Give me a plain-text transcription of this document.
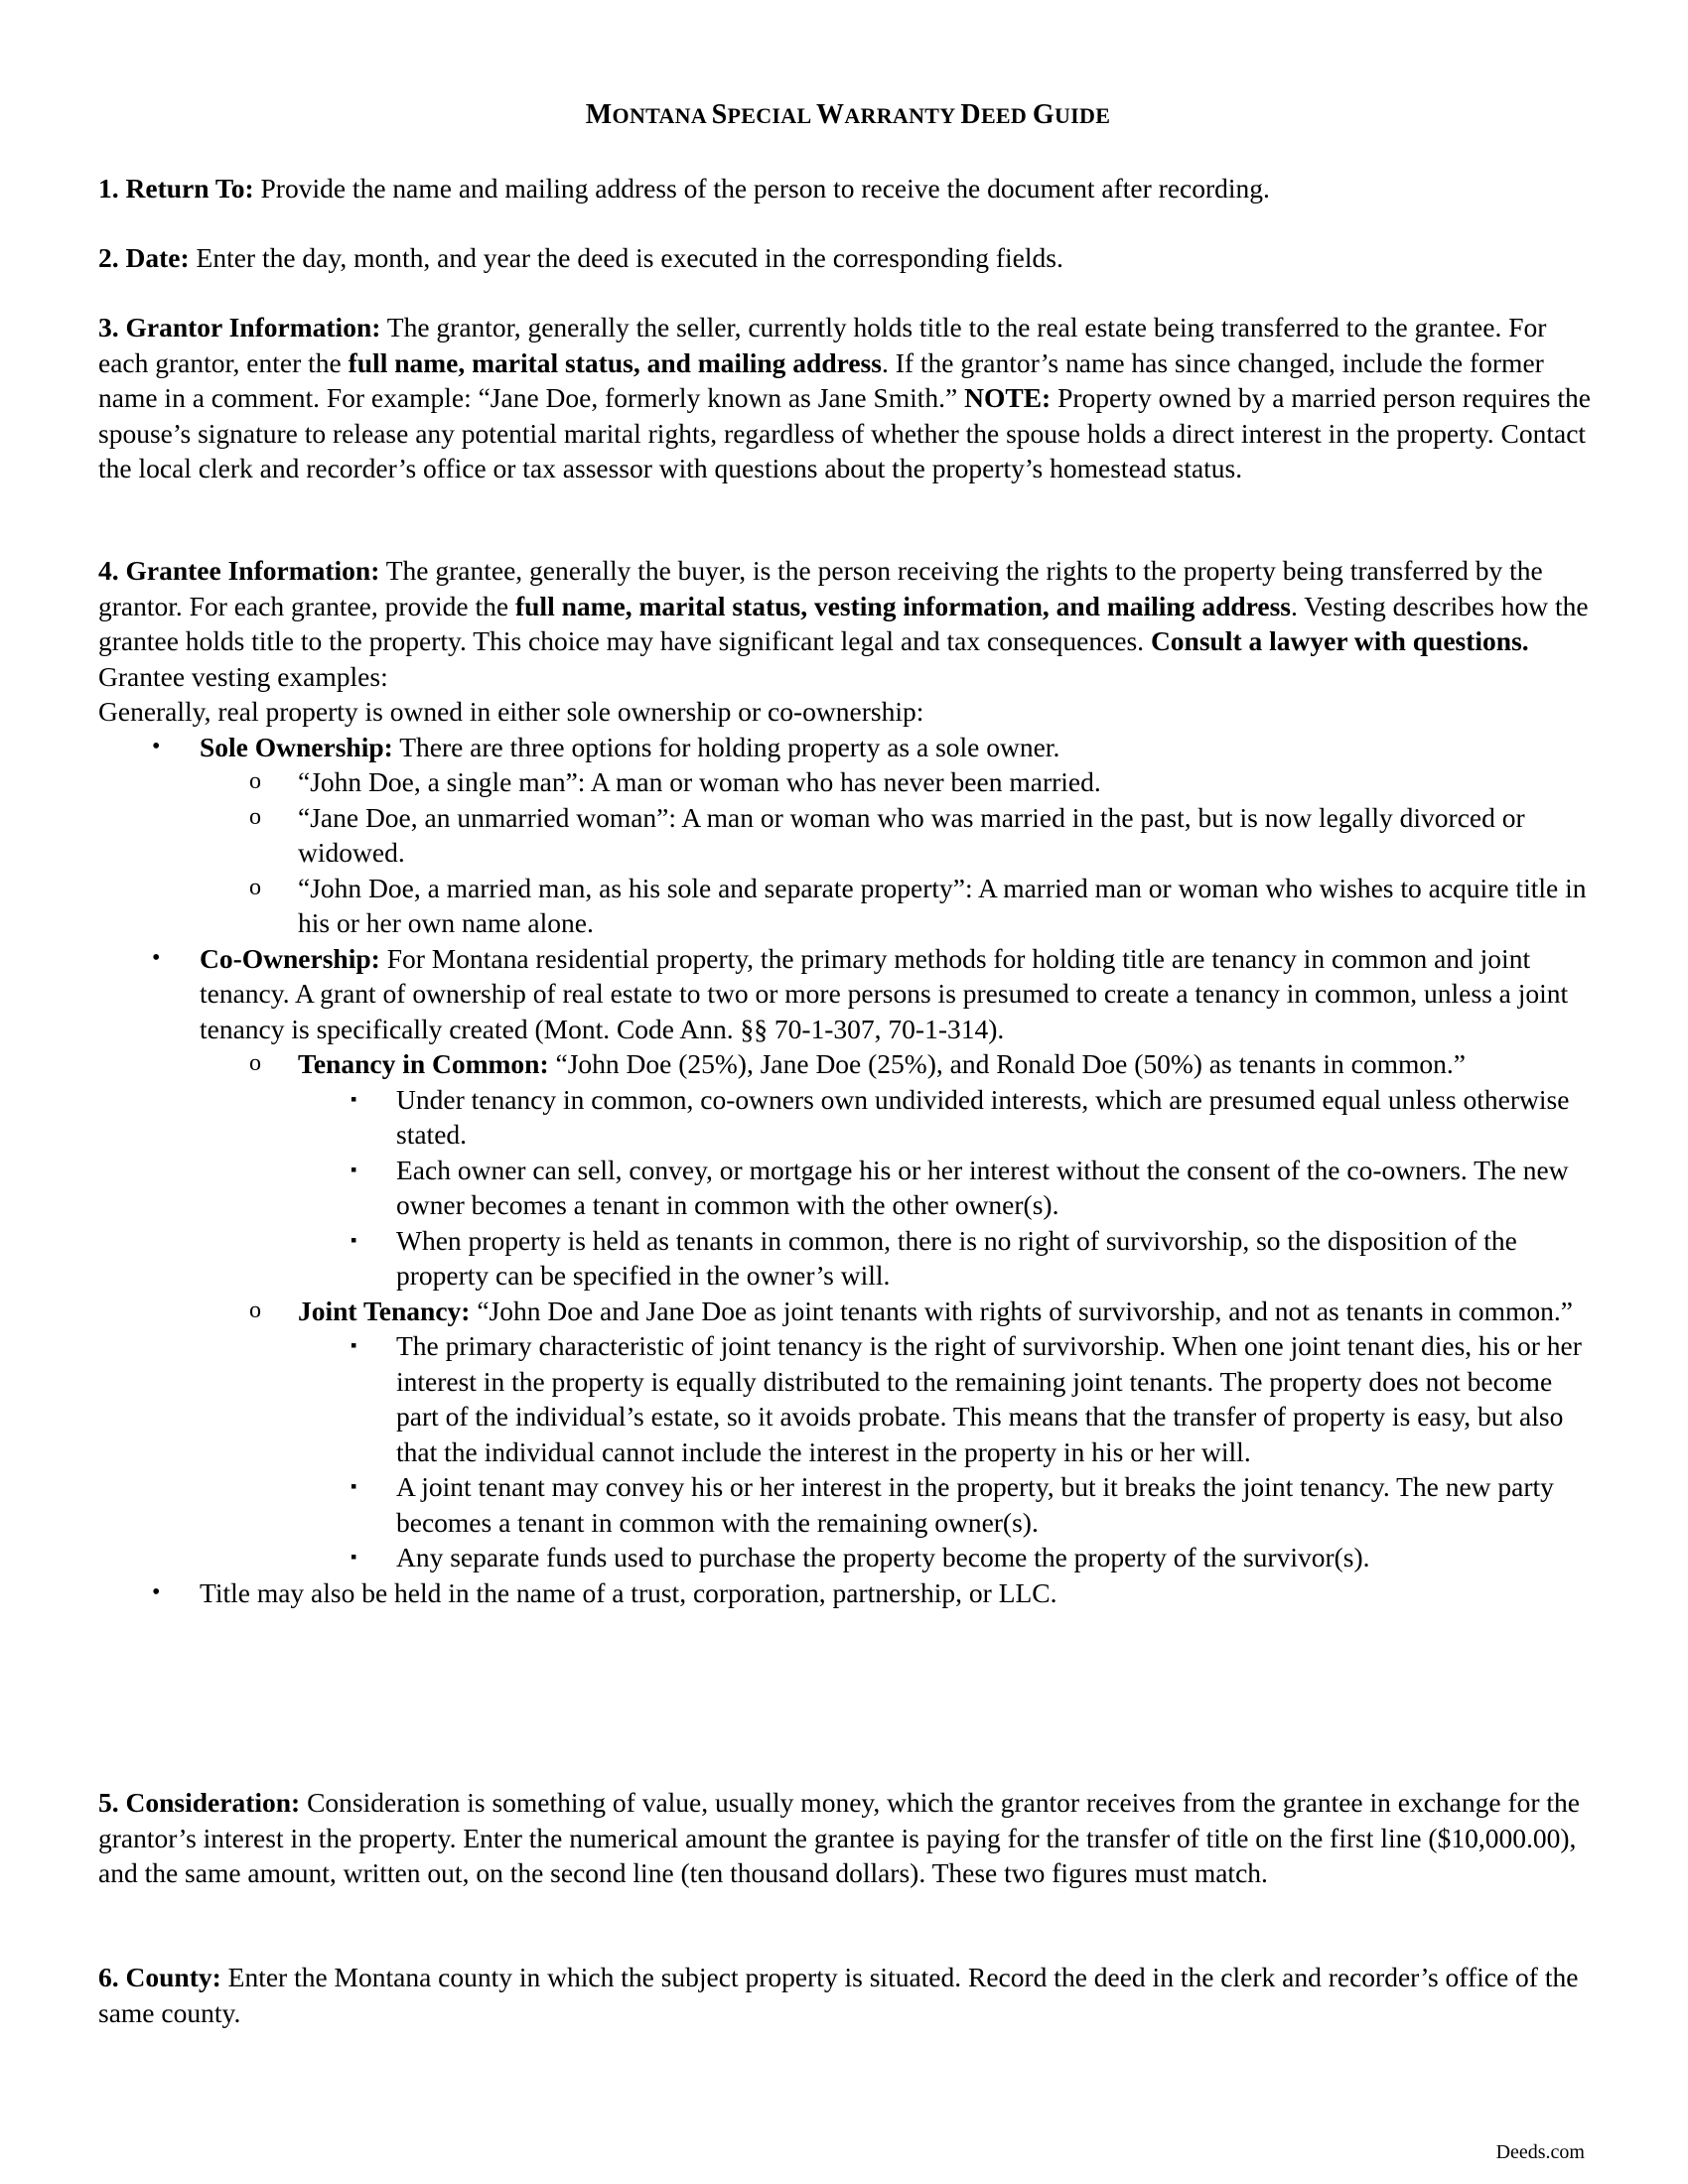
MONTANA SPECIAL WARRANTY DEED GUIDE

1. Return To: Provide the name and mailing address of the person to receive the document after recording.

2. Date: Enter the day, month, and year the deed is executed in the corresponding fields.

3. Grantor Information: The grantor, generally the seller, currently holds title to the real estate being transferred to the grantee. For each grantor, enter the full name, marital status, and mailing address. If the grantor’s name has since changed, include the former name in a comment. For example: “Jane Doe, formerly known as Jane Smith.” NOTE: Property owned by a married person requires the spouse’s signature to release any potential marital rights, regardless of whether the spouse holds a direct interest in the property. Contact the local clerk and recorder’s office or tax assessor with questions about the property’s homestead status.

4. Grantee Information: The grantee, generally the buyer, is the person receiving the rights to the property being transferred by the grantor. For each grantee, provide the full name, marital status, vesting information, and mailing address. Vesting describes how the grantee holds title to the property. This choice may have significant legal and tax consequences. Consult a lawyer with questions.
Grantee vesting examples:
Generally, real property is owned in either sole ownership or co-ownership:
• Sole Ownership: There are three options for holding property as a sole owner.
o “John Doe, a single man”: A man or woman who has never been married.
o “Jane Doe, an unmarried woman”: A man or woman who was married in the past, but is now legally divorced or widowed.
o “John Doe, a married man, as his sole and separate property”: A married man or woman who wishes to acquire title in his or her own name alone.
• Co-Ownership: For Montana residential property, the primary methods for holding title are tenancy in common and joint tenancy. A grant of ownership of real estate to two or more persons is presumed to create a tenancy in common, unless a joint tenancy is specifically created (Mont. Code Ann. §§ 70-1-307, 70-1-314).
o Tenancy in Common: “John Doe (25%), Jane Doe (25%), and Ronald Doe (50%) as tenants in common.”
▪ Under tenancy in common, co-owners own undivided interests, which are presumed equal unless otherwise stated.
▪ Each owner can sell, convey, or mortgage his or her interest without the consent of the co-owners. The new owner becomes a tenant in common with the other owner(s).
▪ When property is held as tenants in common, there is no right of survivorship, so the disposition of the property can be specified in the owner’s will.
o Joint Tenancy: “John Doe and Jane Doe as joint tenants with rights of survivorship, and not as tenants in common.”
▪ The primary characteristic of joint tenancy is the right of survivorship. When one joint tenant dies, his or her interest in the property is equally distributed to the remaining joint tenants. The property does not become part of the individual’s estate, so it avoids probate. This means that the transfer of property is easy, but also that the individual cannot include the interest in the property in his or her will.
▪ A joint tenant may convey his or her interest in the property, but it breaks the joint tenancy. The new party becomes a tenant in common with the remaining owner(s).
▪ Any separate funds used to purchase the property become the property of the survivor(s).
• Title may also be held in the name of a trust, corporation, partnership, or LLC.

5. Consideration: Consideration is something of value, usually money, which the grantor receives from the grantee in exchange for the grantor’s interest in the property. Enter the numerical amount the grantee is paying for the transfer of title on the first line ($10,000.00), and the same amount, written out, on the second line (ten thousand dollars). These two figures must match.

6. County: Enter the Montana county in which the subject property is situated. Record the deed in the clerk and recorder’s office of the same county.

Deeds.com
